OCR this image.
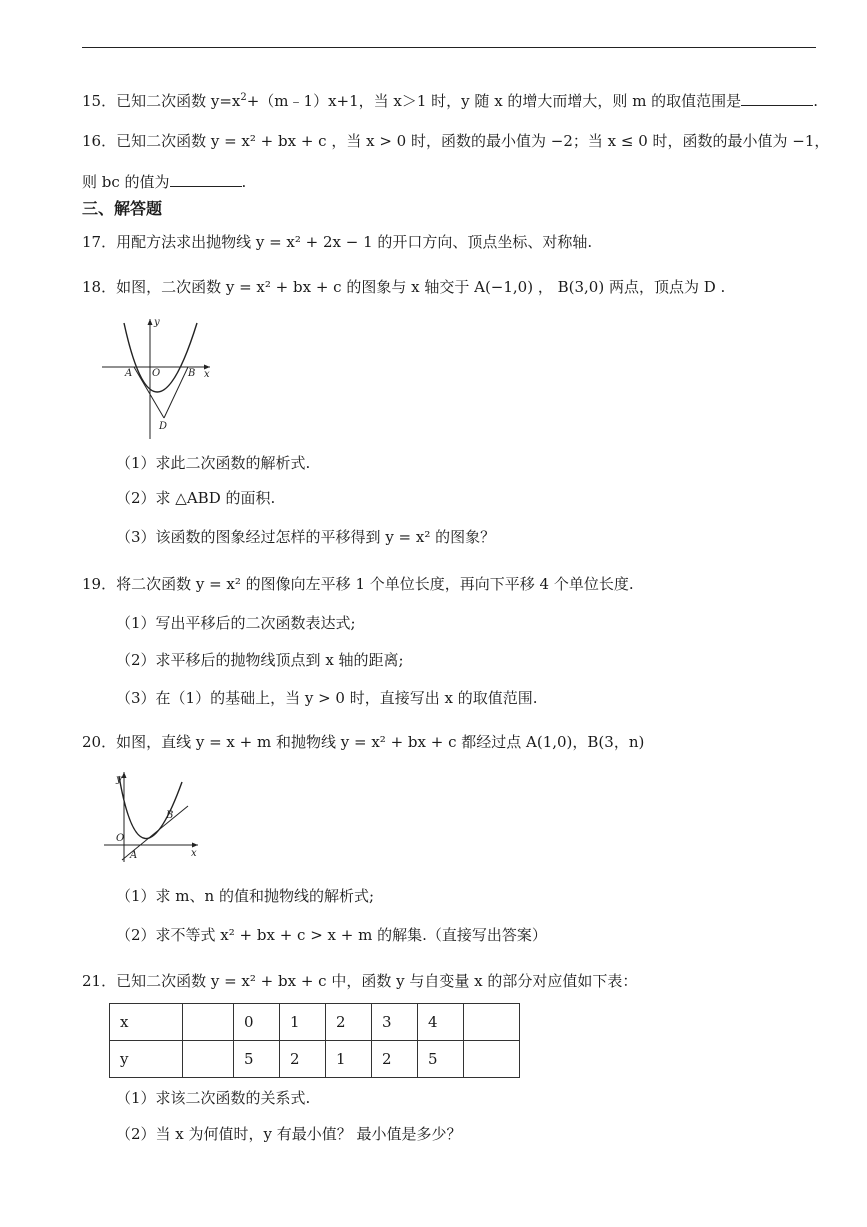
15．已知二次函数 $y=x^2+(m﹣1)x+1$，当 x＞1 时，y 随 x 的增大而增大，则 m 的取值范围是	.
16．已知二次函数 y = x² + bx + c ，当 x > 0 时，函数的最小值为 −2；当 x ≤ 0 时，函数的最小值为 −1，
则 bc 的值为	.
三、解答题
17．用配方法求出抛物线 y = x² + 2x − 1 的开口方向、顶点坐标、对称轴.
18．如图，二次函数 y = x² + bx + c 的图象与 x 轴交于 A(−1,0) ， B(3,0) 两点，顶点为 D .
y
x
A O	B
D
（1）求此二次函数的解析式.
（2）求 △ABD 的面积.
（3）该函数的图象经过怎样的平移得到 y = x² 的图象？
19．将二次函数 y = x² 的图像向左平移 1 个单位长度，再向下平移 4 个单位长度.
（1）写出平移后的二次函数表达式;
（2）求平移后的抛物线顶点到 x 轴的距离;
（3）在（1）的基础上，当 y > 0 时，直接写出 x 的取值范围.
20．如图，直线 y = x + m 和抛物线 y = x² + bx + c 都经过点 A(1,0)，B(3，n)
y
x
O
A
B
（1）求 m、n 的值和抛物线的解析式;
（2）求不等式 x² + bx + c > x + m 的解集.（直接写出答案）
21．已知二次函数 y = x² + bx + c 中，函数 y 与自变量 x 的部分对应值如下表：
x		0	1	2	3	4	
y		5	2	1	2	5	
（1）求该二次函数的关系式.
（2）当 x 为何值时，y 有最小值？ 最小值是多少？
